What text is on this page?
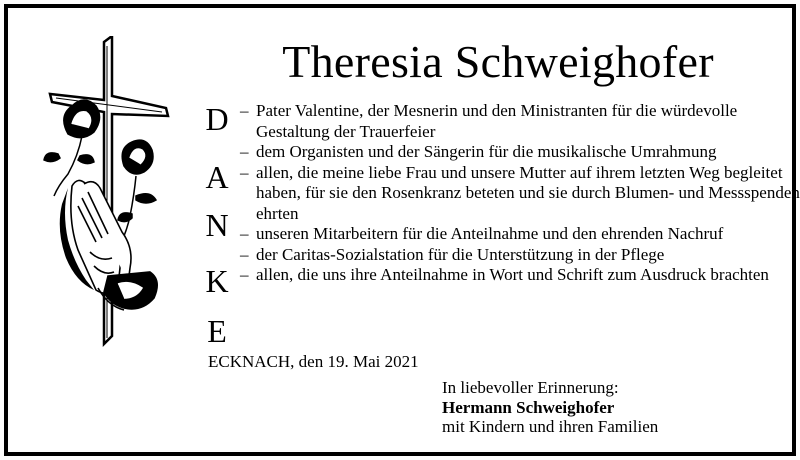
Theresia Schweighofer
D
A
N
K
E
– Pater Valentine, der Mesnerin und den Ministranten für die würdevolle Gestaltung der Trauerfeier
– dem Organisten und der Sängerin für die musikalische Umrahmung
– allen, die meine liebe Frau und unsere Mutter auf ihrem letzten Weg begleitet haben, für sie den Rosenkranz beteten und sie durch Blumen- und Messspenden ehrten
– unseren Mitarbeitern für die Anteilnahme und den ehrenden Nachruf
– der Caritas-Sozialstation für die Unterstützung in der Pflege
– allen, die uns ihre Anteilnahme in Wort und Schrift zum Ausdruck brachten
ECKNACH, den 19. Mai 2021
In liebevoller Erinnerung:
Hermann Schweighofer
mit Kindern und ihren Familien
